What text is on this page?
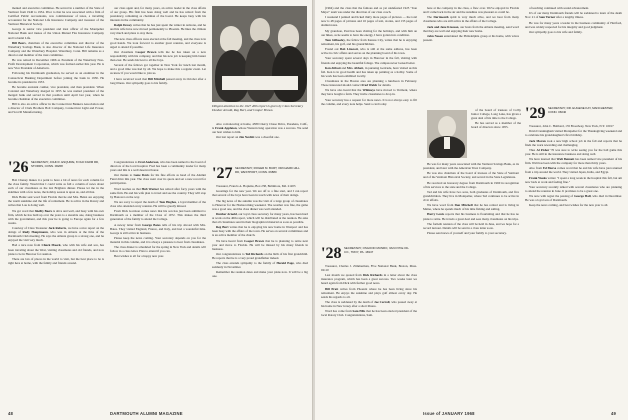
mented and executive committee. He served in a number of the State of Vermont from 1940 to 1954. Prior to that he was associated with a firm of Certified Public Accountants, was commissioner of taxes, a travelling accountant for the National Life Insurance Company and treasurer of the Vermont Historical Society.

George is senior vice president and trust officer of the Montpelier National Bank and trustee of the Union Mutual Fire Insurance Company and Colonial Life.

Bill Beers, chairman of the executive committee and director of the Waterbury Savings Bank, is also director of the National Life Insurance Company and the Waterbury Hospital. Waterbury, Conn. Bill remains as a director and member of the trust committee.

He was retired in December 1966 as President of the Waterbury Non-Profit Development Corporation, which was formed earlier this year. He is now Vice President of Ameriacn.

Following his Dartmouth graduation, he served as an examiner in the Connecticut Banking Department before joining the bank in 1930. He became its president in 1953.

He became assistant cashier, vice president, and then president. When Colonial and Waterbury merged in 1955 he was named president of the merged bank and served in that position until April last year, when he became chairman of the executive committee.

Bill is also an active officer in the Connecticut Bankers Association and a director of Clark Brothers Bolt Company, Connecticut Light and Power, and Scovill Manufacturing.

'26 SECRETARY, JOHN F. ESQUIRE, 8 OLD FARM RD, STORRS, CONN. 06268

Bob Cheney makes it a point to have a bit of news for each column for the class family. Would that I could write as full a column of news about each of our classmates as the last Brighton dinner. Please let me in the sidelines with a few notes, the holiday season is upon us, and all that.

Dick Heinz sent word from Florida that he and Mrs. Heinz are enjoying the warm sunshine and the life of retirement. He is active in the Rotary and writes that Lou is doing well.

We got word that Shelby Beers is alive and well, and busy with his own firm, which he has built up over the years to a sizeable one, doing business with the government, and this year he is going to Europe again for a few weeks.

Courtesy of Class Treasurer Jack Roberts, we have a nice report on the doings of Rudy Hauptmann, who was in Atlanta at the time of the Dartmouth Club meeting. He says the Atlanta group is a strong one, and he enjoyed the visit very much.

Had a nice note from Chuck Maeck, who with his wife and son, has been traveling about the West, visiting classmates and old friends, and now plans to be in Hanover for reunion.

There are lots of places in the world to visit, but the best place to be is right here at home, with the family and friends around.

our class agent and, for many years, an active leader in the class affairs of our group. His firm has been doing well and he has retired from the presidency, remaining as chairman of the board. He keeps busy with his interests in the community.

Ralph Dewey writes that he has just spent the winter in Arizona, and he and his wife have now moved permanently to Phoenix. He likes the climate very much and plans to stay there.

The new class officers were elected at the fall meeting, and the class is in good hands. We look forward to another great reunion, and everyone is urged to attend if possible.

Our classmate Cooper Brown tells me he has taken on a new responsibility with his company, and that his new job is keeping him busier than ever. He sends his best to all the boys.

Several of the fellows got together in New York for lunch last month, and a good time was had by all. We hope to make this a regular event. Let us know if you would like to join us.

I have received word that Bill Mitchell passed away in October after a long illness. Our sympathy goes to his family.

Congratulations to Fred Anderson, who has been named to the board of directors of the local hospital. Fred has been a community leader for many years and this is a well deserved honor.

Our thanks to Gene Davis for his fine efforts as head of the Alumni Fund drive this year. The class went over its quota and set a new record for participation.

Word reaches us that Hub Warner has retired after forty years with the same firm. He and his wife plan to travel and see the country. They will stop by Hanover on the way.

We are sorry to report the death of Tom Hughes, a loyal member of the class who attended every reunion. He will be greatly missed.

From Dick Garrison comes news that his son has just been admitted to Dartmouth as a member of the Class of 1972. This makes the third generation of the family to attend the College.

A newsy letter from George Bates tells of his trip abroad with Mrs. Bates. They visited England, France, and Italy, and had a wonderful time. George is still active in business.

Please keep the news coming. Your secretary depends on you for the material in this column, and it is always a pleasure to hear from classmates.

The class dinner is scheduled for the spring in New York and details will follow in a class letter. Plan to attend if you can.

Best wishes to all for a happy new year.

Diligent attention to the 1927 40th report is given by Class Secretary Dunbar Arnold, Reg Burt, and Cooper Brown.

Also convalescing at home, 4589 Cherry Chase Drive, Pasadena, Calif., is Frank Appleton, whose Western lung operation was a success. We send our best wishes to him.

Our last report on Jim Nesbitt was a cheerful one.

'27 SECRETARY, ROGER M. BURT, ORCHARD HILL RD, WESTPORT, CONN. 06880

Treasurer, Francis A. Hopkins, Box 238, Baltimore, Md. 21203

Greetings for the new year. We are off to a fine start, and I can report that several of the boys have been in touch with news of their doings.

The big news of the autumn was the visit of a large group of classmates to Hanover for the Homecoming weekend. The weather was fine, the game was a good one, and the class dinner was well attended.

Dunbar Arnold, our loyal class secretary for many years, has been hard at work on the 40th report, which will be distributed at the reunion. He asks that all classmates send in their biographical material as soon as possible.

Reg Burt writes that he is enjoying his new home in Westport and has been busy with the affairs of the town. He serves on several committees and is an active member of the church.

We have heard from Cooper Brown that he is planning to retire next year and move to Florida. He will be missed by his many friends in business.

Our congratulations to Ted Richards on the birth of his first grandchild. He reports that he is a very proud grandfather indeed.

The class extends sympathy to the family of Harold Page, who died suddenly in November.

Remember the reunion dates and make your plans now. It will be a big one.

48	DARTMOUTH ALUMNI MAGAZINE

(1964) and the class that the famous and as yet undefeated 1925 "Iron Major" team was under the direction of our class coach.

I weekend I painted and licked thirty more pages of pictures — the total now is 48 pages of pictures and 16 pages of text, stories, and 133 pages of alumni notes.

My grandson, Paul has been visiting for the holidays, and with him on our hikes, as he seems to have the energy, I have gotten into condition.

Tom Gilhooley, the fellow from Kansas City, writes that he is enjoying retirement, his golf, and his grandchildren.

Found out Bob Linscott, who is still at the same address, has been active in civic affairs and serves on the planning board of his town.

Your secretary spent several days in Hanover in the fall, visiting with friends and enjoying the beautiful foliage. The campus never looked better.

Ken Abbott and Mrs. Abbott, in pursuing Gertrude, have visited us this fall. Ken is in good health and has taken up painting as a hobby. Some of his work has been exhibited locally.

Classmates in the Boston area are planning a luncheon in February. Those interested should contact Fred Walsh for details.

We have also heard that the Whitneys have moved to Vermont, where they have bought a farm. They invite classmates to drop in.

Your secretary has a request for more news. It is not always easy to fill the column, and every note helps. Send a card today.

'28 SECRETARY, OSGOOD MUNRO, VAN DYKE OIL CO., TROY, PA. 16947

Treasurer, Charles J. Zimmerman, Five National Bank, Boston, Mass. 02110

Last month we quoted from Dick Richards in a letter about the class insurance program, which has been a great success. Two weeks later we heard again from Dick with further good news.

Bill Pratt writes from Phoenix where he has been living since his retirement. He enjoys the sunshine and plays golf almost every day. He sends his regards to all.

The class is saddened by the death of Joe Carroll, who passed away at his home in New Jersey after a short illness.

Word has come from Sam Ellis that he has been elected president of the local Rotary Club. Congratulations, Sam.

here at the company in the class, a flew over. We've enjoyed in Florida and I came back in the air and the sunshine was pleasant as could be.

The Dartmouth spirit is very much alive, and we hear from many classmates who are still active in the affairs of the College.

Jack and Jane Kreeson, our hosts from the Atlanta meeting, send word that they are well and enjoying their new home.

John Nason entertained the Philadelphia group at his home, with wives present.

of the board of trustees of Colby Junior College, Long Lake, has given a great deal of his time to the College.

He has served as a member of the board of directors since 1955.

He was for many years associated with the Vermont Savings Bank, as its president, and later with the American Trust Company.

He was also chairman of the board of trustees of the State of Vermont and of the Vermont Historical Society, and served in the State Legislature.

He received an honorary degree from Dartmouth in 1960 in recognition of his services to the state and the College.

Ted and his wife have two sons, both graduates of Dartmouth, and five grandchildren. They live in Montpelier, where Ted continues to be active in civic affairs.

We have word from Don Mitchell that he has retired and is living in Maine, where he spends much of his time fishing and sailing.

Harry Lewis reports that his business is flourishing and that he has no plans to retire. He travels a great deal and sees many classmates on his trips.

The fortieth reunion of the class will be held in June, and we hope for a record turnout. Details will be sent in a class letter soon.

Please send news of yourself and your family to your secretary.

of teaching continued with sound advancement.

It's of our many Dartmouth friends will be saddened to learn of the death Nov. 21 of Sam Turner after a lengthy illness.

He was for many years a leader in the business community of Hartford, and was widely respected for his integrity and good judgment.

Our sympathy goes to his wife and family.

'29 SECRETARY, DR. EUGENE KAY, MANCHESTER, CONN. 06040

Treasurer, John C. Hubbard, 135 Broadway, New York, N.Y. 10017

David Cunningham visited Montpelier for the Thanksgiving weekend and to celebrate his granddaughter's first birthday.

Jack Moran took a new high school job in the fall and reports that he finds the work rewarding and challenging.

Thus Al Fisher '76 was sure to write seeing you for the ball game this year. He is still in the insurance business and doing well.

We have learned that Walt Bennett has been named vice president of his firm. Walt has been with the company for more than thirty years.

Also from Ed Morse comes word that he and his wife have just returned from a trip around the world. They visited Japan, India, and Egypt.

Frank Weeks writes: "I spent a long week in the hospital this fall, but am now back at work and feeling fine."

Your secretary recently talked with several classmates who are planning to attend the reunion in June. It promises to be a great one.

We note with regret the passing of George Hall, who died in December. He was a loyal son of Dartmouth.

Keep the news coming, and best wishes for the new year to all.

Issue of JANUARY 1968	49
